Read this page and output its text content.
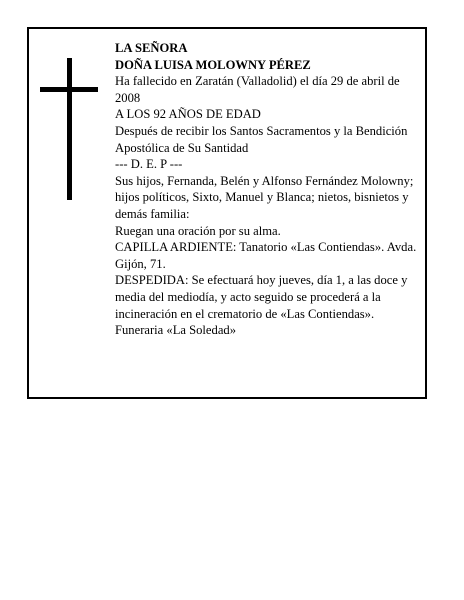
LA SEÑORA

DOÑA LUISA MOLOWNY PÉREZ

Ha fallecido en Zaratán (Valladolid) el día 29 de abril de 2008

A LOS 92 AÑOS DE EDAD

Después de recibir los Santos Sacramentos y la Bendición Apostólica de Su Santidad

--- D. E. P ---

Sus hijos, Fernanda, Belén y Alfonso Fernández Molowny; hijos políticos, Sixto, Manuel y Blanca; nietos, bisnietos y demás familia:

Ruegan una oración por su alma.

CAPILLA ARDIENTE: Tanatorio «Las Contiendas». Avda. Gijón, 71.

DESPEDIDA: Se efectuará hoy jueves, día 1, a las doce y media del mediodía, y acto seguido se procederá a la incineración en el crematorio de «Las Contiendas».

Funeraria «La Soledad»
